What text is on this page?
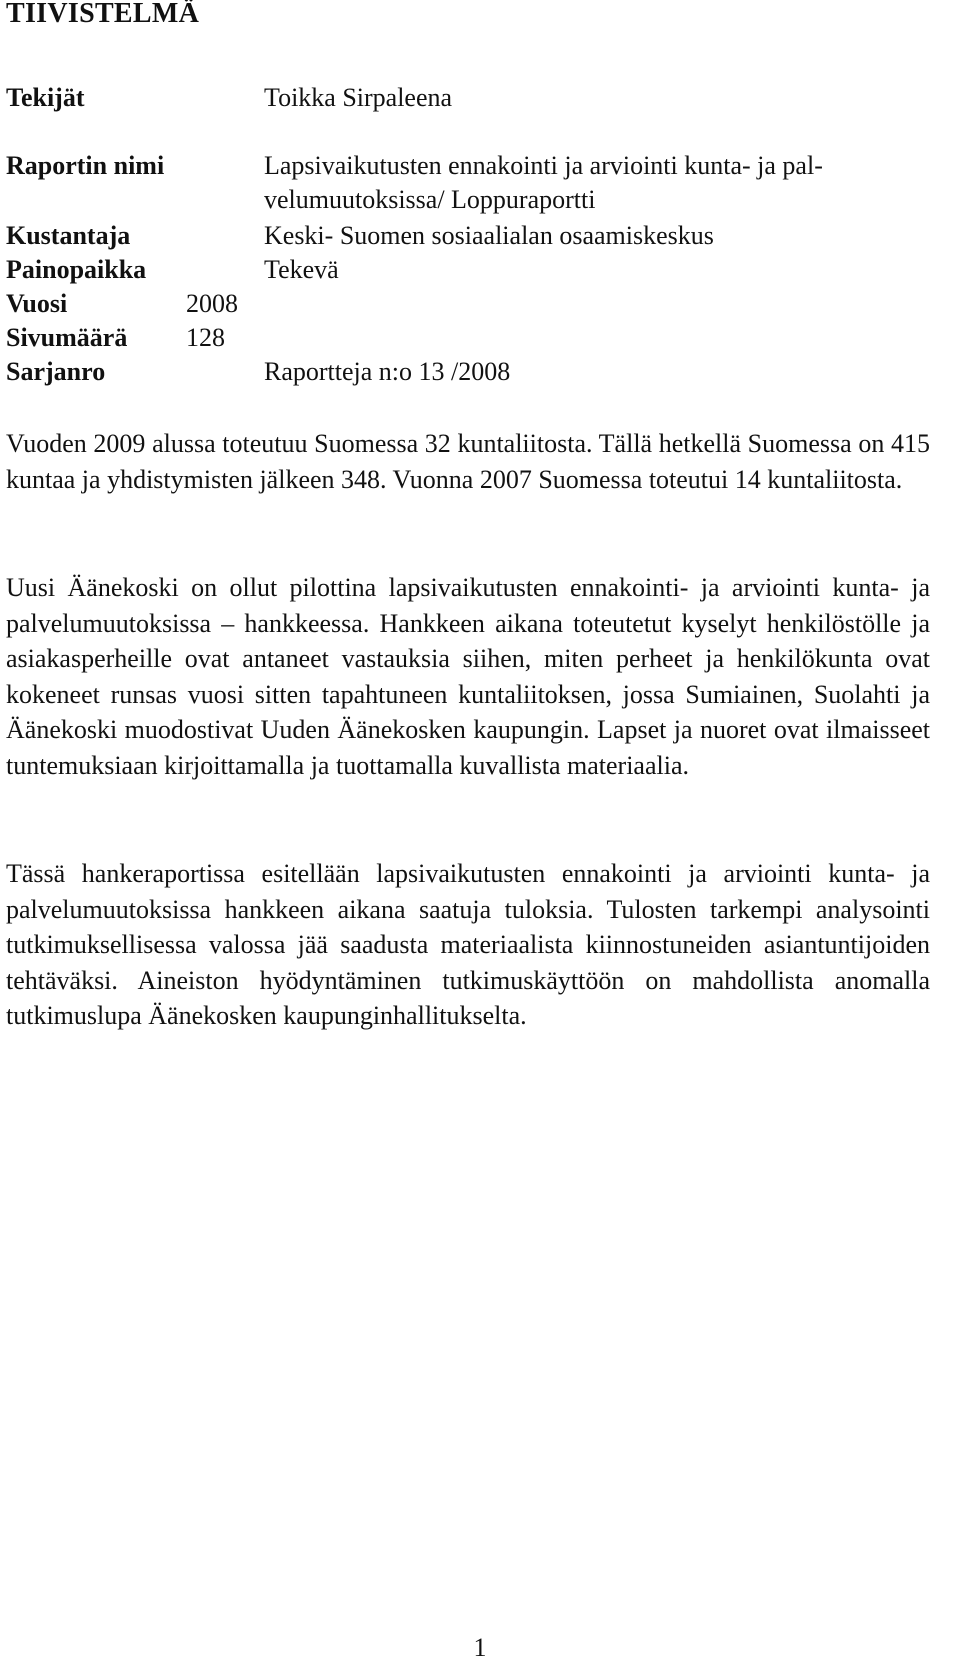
TIIVISTELMÄ
Tekijät	Toikka Sirpaleena
Raportin nimi	Lapsivaikutusten ennakointi ja arviointi kunta- ja pal-
velumuutoksissa/ Loppuraportti
Kustantaja	Keski- Suomen sosiaalialan osaamiskeskus
Painopaikka	Tekevä
Vuosi	2008
Sivumäärä 128
Sarjanro	Raportteja n:o 13 /2008

Vuoden 2009 alussa toteutuu Suomessa 32 kuntaliitosta. Tällä hetkellä Suomessa on 415 kuntaa ja yhdistymisten jälkeen 348. Vuonna 2007 Suomessa toteutui 14 kuntaliitosta.

Uusi Äänekoski on ollut pilottina lapsivaikutusten ennakointi- ja arviointi kunta- ja palvelumuutoksissa – hankkeessa. Hankkeen aikana toteutetut kyselyt henkilöstölle ja asiakasperheille ovat antaneet vastauksia siihen, miten perheet ja henkilökunta ovat kokeneet runsas vuosi sitten tapahtuneen kuntaliitoksen, jossa Sumiainen, Suolahti ja Äänekoski muodostivat Uuden Äänekosken kaupungin. Lapset ja nuoret ovat ilmaisseet tuntemuksiaan kirjoittamalla ja tuottamalla kuvallista materiaalia.

Tässä hankeraportissa esitellään lapsivaikutusten ennakointi ja arviointi kunta- ja palvelumuutoksissa hankkeen aikana saatuja tuloksia. Tulosten tarkempi analysointi tutkimuksellisessa valossa jää saadusta materiaalista kiinnostuneiden asiantuntijoiden tehtäväksi. Aineiston hyödyntäminen tutkimuskäyttöön on mahdollista anomalla tutkimuslupa Äänekosken kaupunginhallitukselta.

1
